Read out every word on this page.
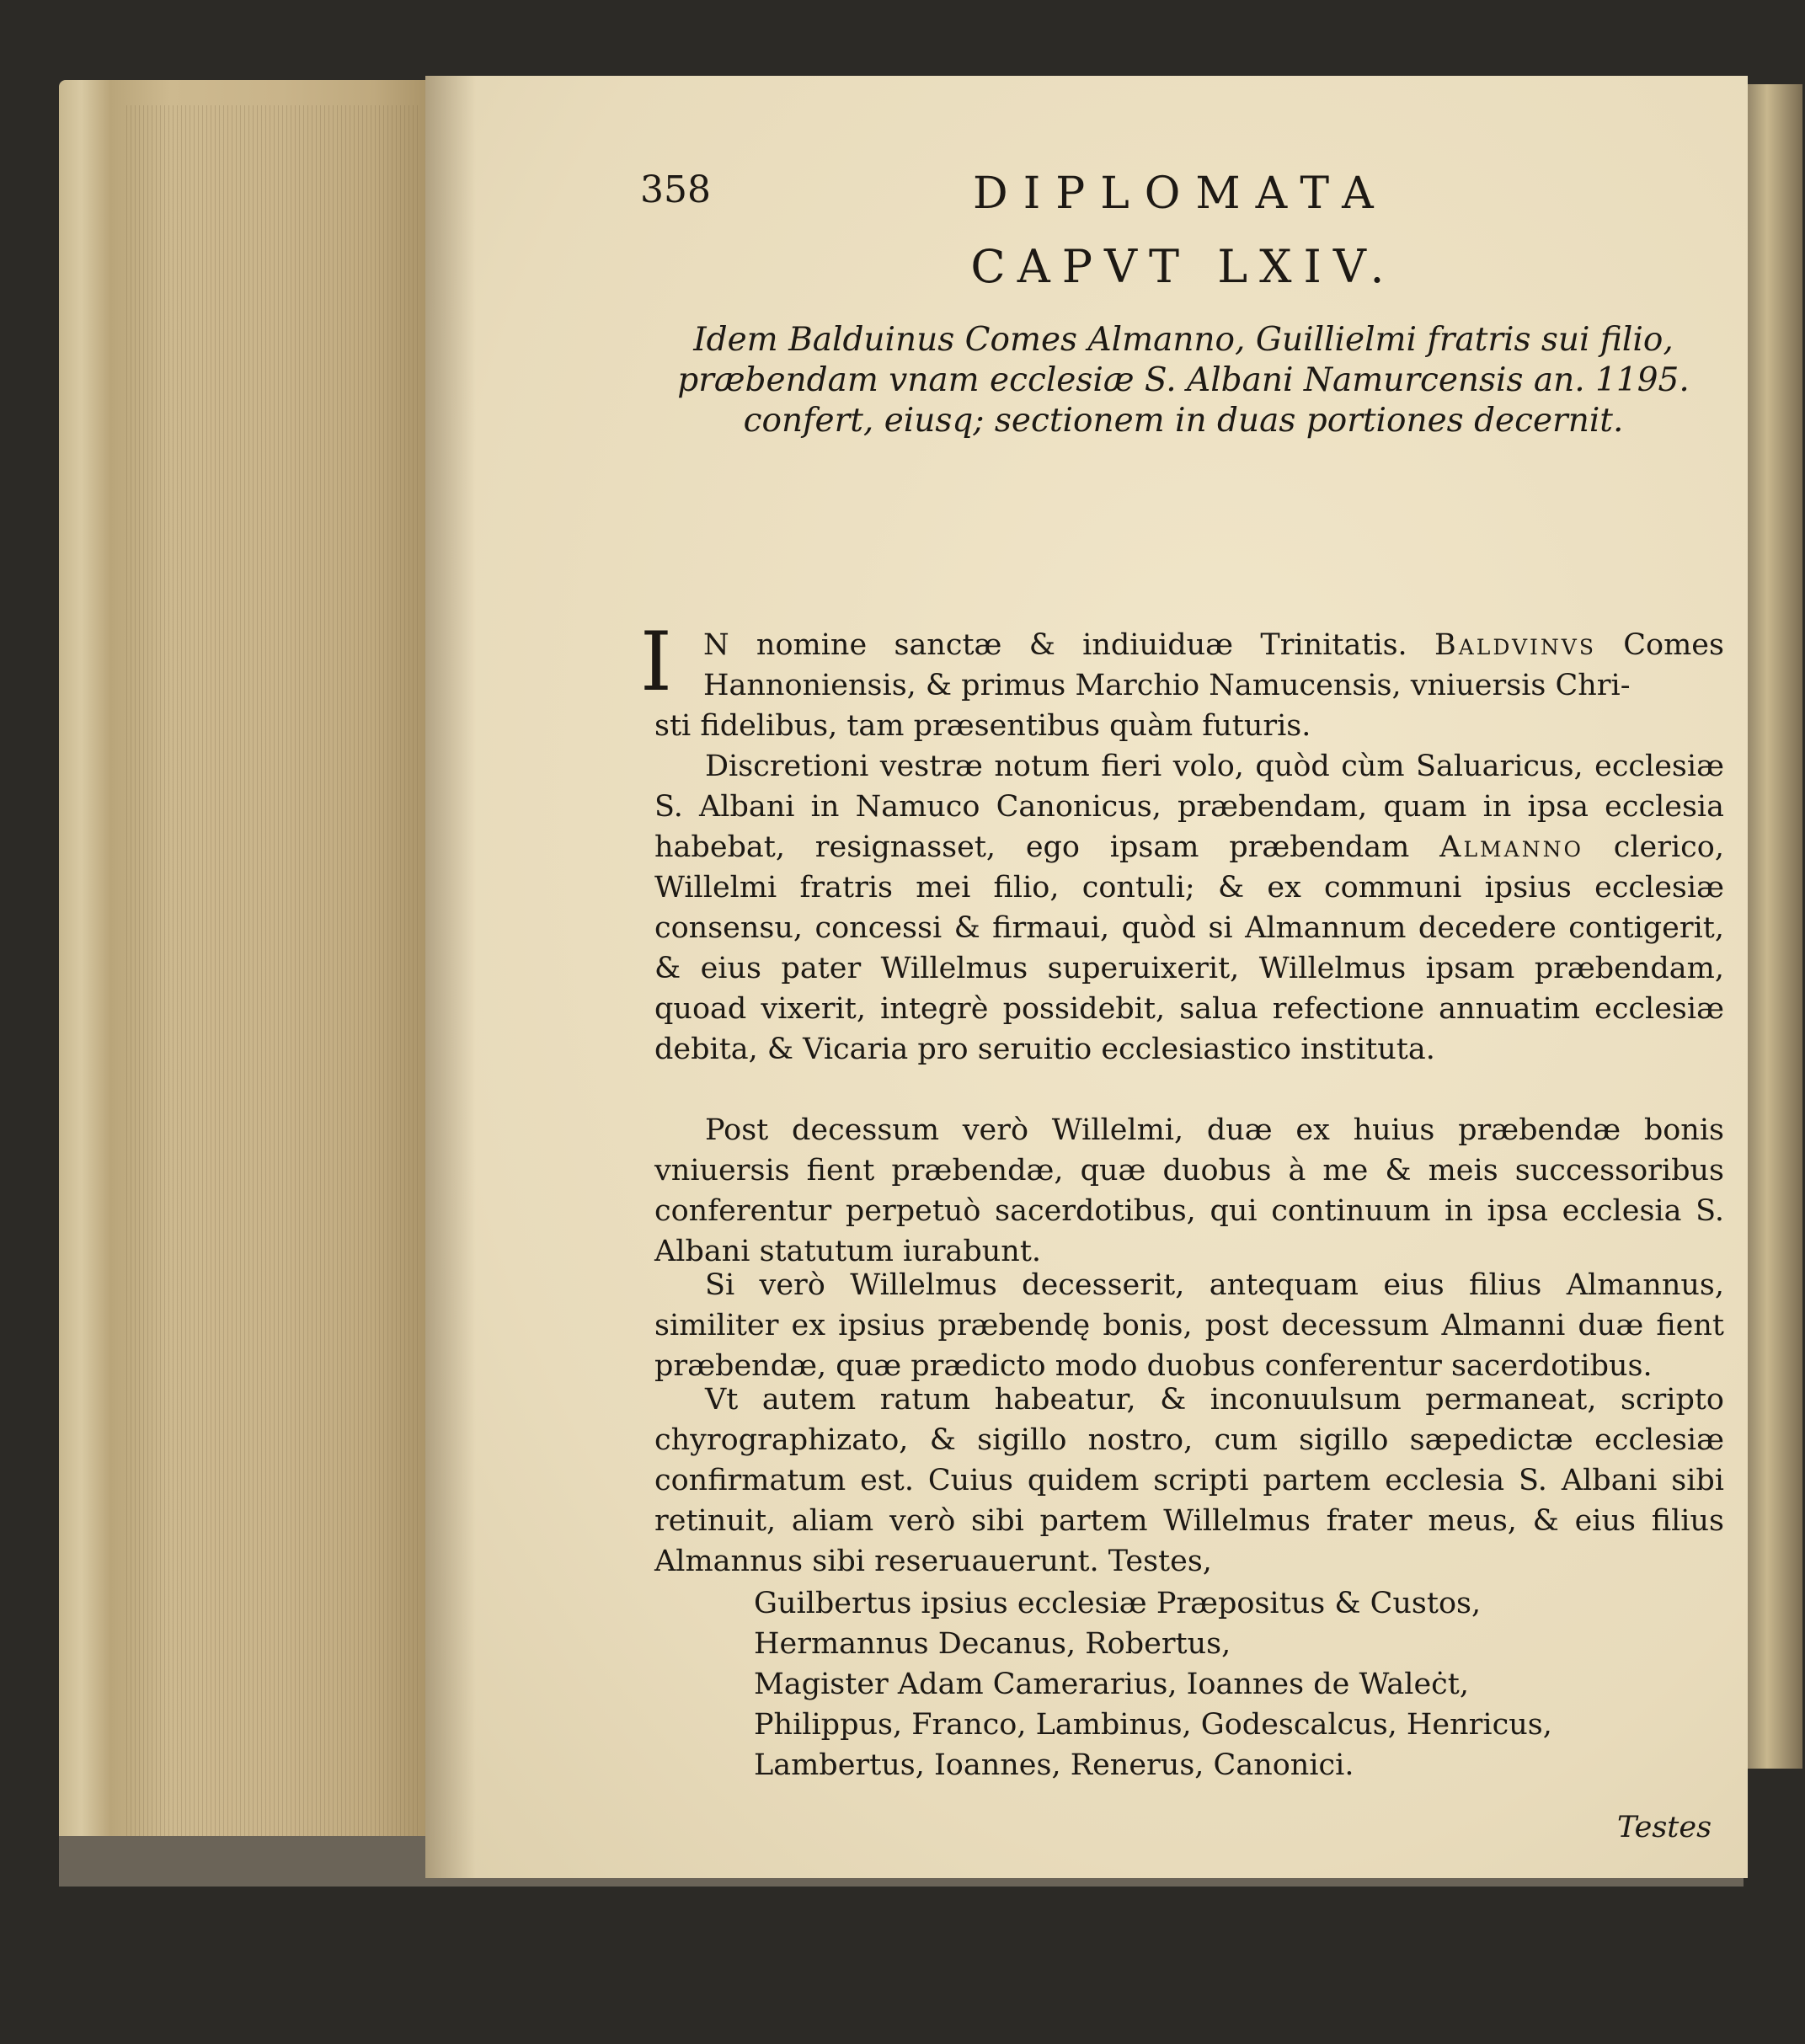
358	DIPLOMATA
CAPVT LXIV.
Idem Balduinus Comes Almanno, Guillielmi fratris sui filio, præbendam vnam ecclesiæ S. Albani Namurcensis an. 1195. confert, eiusq; sectionem in duas portiones decernit.
I N nomine sanctæ & indiuiduæ Trinitatis. Baldvinvs Comes Hannoniensis, & primus Marchio Namucensis, vniuersis Chri-
sti fidelibus, tam præsentibus quàm futuris.

Discretioni vestræ notum fieri volo, quòd cùm Saluaricus, ecclesiæ S. Albani in Namuco Canonicus, præbendam, quam in ipsa ecclesia habebat, resignasset, ego ipsam præbendam Almanno clerico, Willelmi fratris mei filio, contuli; & ex communi ipsius ecclesiæ consensu, concessi & firmaui, quòd si Almannum decedere contigerit, & eius pater Willelmus superuixerit, Willelmus ipsam præbendam, quoad vixerit, integrè possidebit, salua refectione annuatim ecclesiæ debita, & Vicaria pro seruitio ecclesiastico instituta.

Post decessum verò Willelmi, duæ ex huius præbendæ bonis vniuersis fient præbendæ, quæ duobus à me & meis successoribus conferentur perpetuò sacerdotibus, qui continuum in ipsa ecclesia S. Albani statutum iurabunt.

Si verò Willelmus decesserit, antequam eius filius Almannus, similiter ex ipsius præbendę bonis, post decessum Almanni duæ fient præbendæ, quæ prædicto modo duobus conferentur sacerdotibus.

Vt autem ratum habeatur, & inconuulsum permaneat, scripto chyrographizato, & sigillo nostro, cum sigillo sæpedictæ ecclesiæ confirmatum est. Cuius quidem scripti partem ecclesia S. Albani sibi retinuit, aliam verò sibi partem Willelmus frater meus, & eius filius Almannus sibi reseruauerunt. Testes,

Guilbertus ipsius ecclesiæ Præpositus & Custos,
Hermannus Decanus, Robertus,
Magister Adam Camerarius, Ioannes de Waleċt,
Philippus, Franco, Lambinus, Godescalcus, Henricus,
Lambertus, Ioannes, Renerus, Canonici.
Testes
